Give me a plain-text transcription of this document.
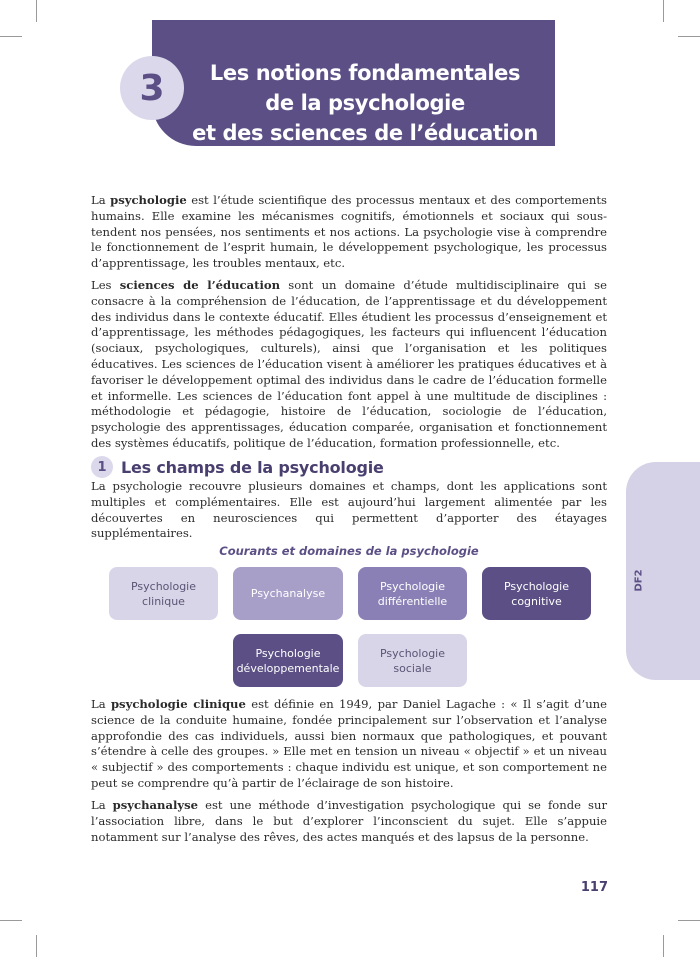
3	Les notions fondamentales
de la psychologie
et des sciences de l’éducation
DF2

La psychologie est l’étude scientifique des processus mentaux et des comportements humains. Elle examine les mécanismes cognitifs, émotionnels et sociaux qui sous-tendent nos pensées, nos sentiments et nos actions. La psychologie vise à comprendre le fonctionnement de l’esprit humain, le développement psychologique, les processus d’apprentissage, les troubles mentaux, etc.

Les sciences de l’éducation sont un domaine d’étude multidisciplinaire qui se consacre à la compréhension de l’éducation, de l’apprentissage et du développement des individus dans le contexte éducatif. Elles étudient les processus d’enseignement et d’apprentissage, les méthodes pédagogiques, les facteurs qui influencent l’éducation (sociaux, psychologiques, culturels), ainsi que l’organisation et les politiques éducatives. Les sciences de l’éducation visent à améliorer les pratiques éducatives et à favoriser le développement optimal des individus dans le cadre de l’éducation formelle et informelle. Les sciences de l’éducation font appel à une multitude de disciplines : méthodologie et pédagogie, histoire de l’éducation, sociologie de l’éducation, psychologie des apprentissages, éducation comparée, organisation et fonctionnement des systèmes éducatifs, politique de l’éducation, formation professionnelle, etc.

1 Les champs de la psychologie

La psychologie recouvre plusieurs domaines et champs, dont les applications sont multiples et complémentaires. Elle est aujourd’hui largement alimentée par les découvertes en neurosciences qui permettent d’apporter des étayages supplémentaires.

Courants et domaines de la psychologie
Psychologie
clinique
Psychanalyse
Psychologie
différentielle
Psychologie
cognitive
Psychologie
développementale
Psychologie
sociale

La psychologie clinique est définie en 1949, par Daniel Lagache : « Il s’agit d’une science de la conduite humaine, fondée principalement sur l’observation et l’analyse approfondie des cas individuels, aussi bien normaux que pathologiques, et pouvant s’étendre à celle des groupes. » Elle met en tension un niveau « objectif » et un niveau « subjectif » des comportements : chaque individu est unique, et son comportement ne peut se comprendre qu’à partir de l’éclairage de son histoire.

La psychanalyse est une méthode d’investigation psychologique qui se fonde sur l’association libre, dans le but d’explorer l’inconscient du sujet. Elle s’appuie notamment sur l’analyse des rêves, des actes manqués et des lapsus de la personne.

117
